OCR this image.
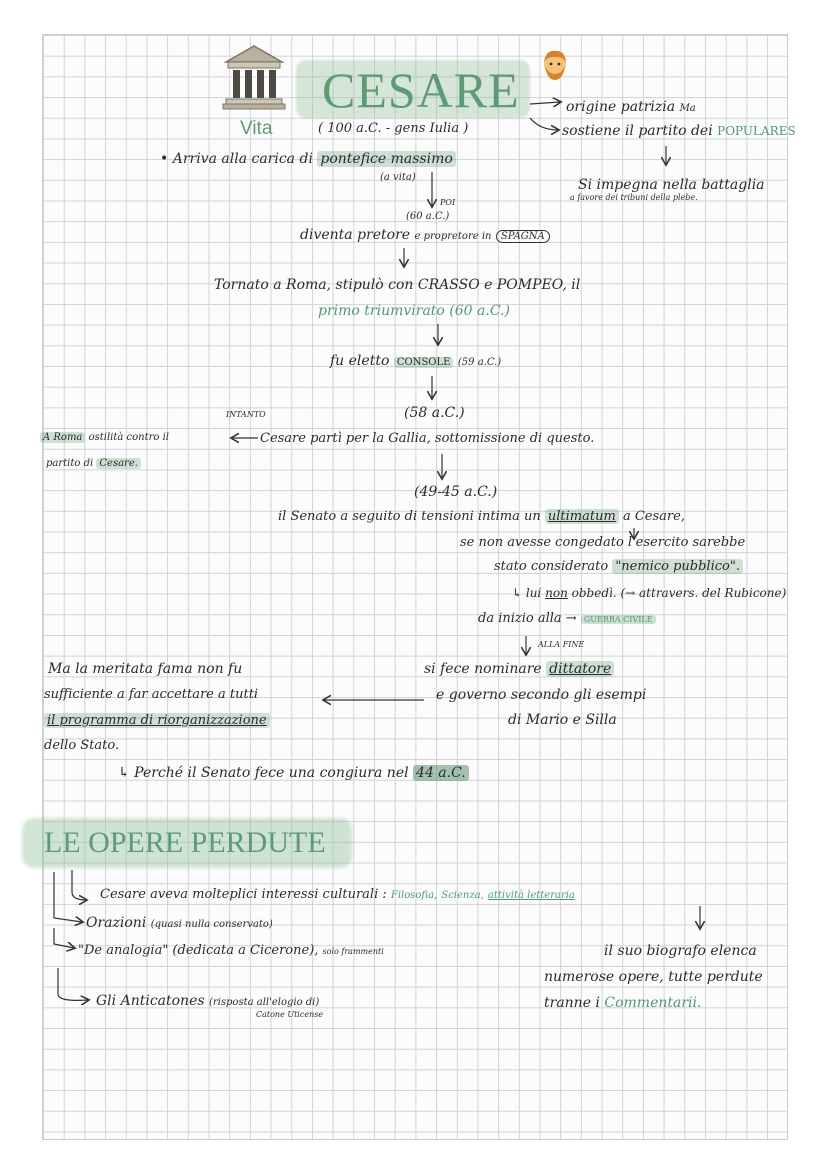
CESARE
Vita	( 100 a.C. - gens Iulia )
origine patrizia Ma
sostiene il partito dei POPULARES
Si impegna nella battaglia
a favore dei tribuni della plebe.
• Arriva alla carica di pontefice massimo
(a vita)
POI
(60 a.C.)
diventa pretore e propretore in SPAGNA
Tornato a Roma, stipulò con CRASSO e POMPEO, il
primo triumvirato (60 a.C.)
fu eletto CONSOLE (59 a.C.)
(58 a.C.)
INTANTO
A Roma ostilità contro il
partito di Cesare.
Cesare partì per la Gallia, sottomissione di questo.
(49-45 a.C.)
il Senato a seguito di tensioni intima un ultimatum a Cesare,
se non avesse congedato l'esercito sarebbe
stato considerato "nemico pubblico".
↳ lui non obbedì. (→ attravers. del Rubicone)
da inizio alla → GUERRA CIVILE
ALLA FINE
si fece nominare dittatore
e governo secondo gli esempi
di Mario e Silla
Ma la meritata fama non fu
sufficiente a far accettare a tutti
il programma di riorganizzazione
dello Stato.
↳ Perché il Senato fece una congiura nel 44 a.C.
LE OPERE PERDUTE
Cesare aveva molteplici interessi culturali : Filosofia, Scienza, attività letteraria
Orazioni (quasi nulla conservato)
"De analogia" (dedicata a Cicerone), solo frammenti
Gli Anticatones (risposta all'elogio di)
Catone Uticense
il suo biografo elenca
numerose opere, tutte perdute
tranne i Commentarii.
